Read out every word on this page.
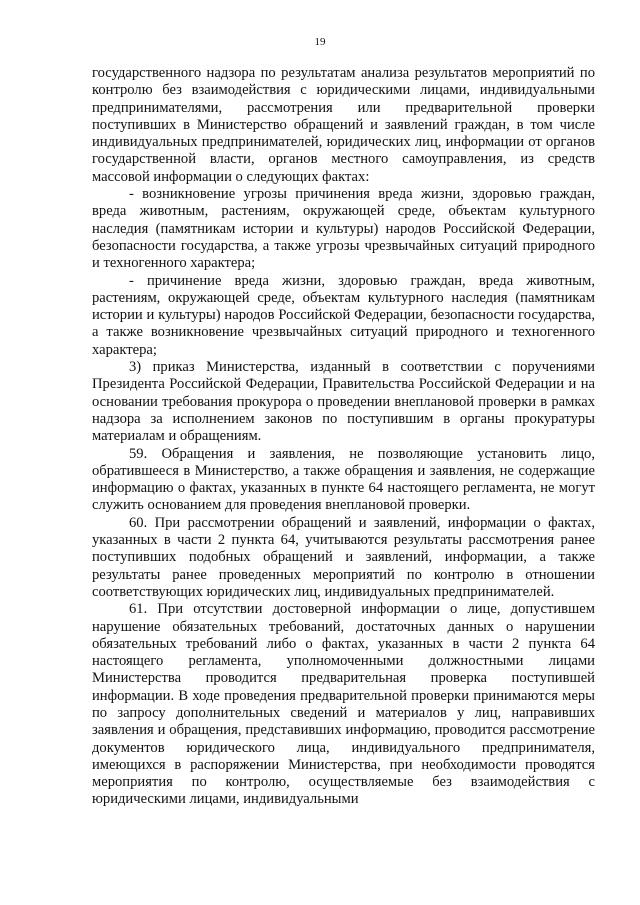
19

государственного надзора по результатам анализа результатов мероприятий по контролю без взаимодействия с юридическими лицами, индивидуальными предпринимателями, рассмотрения или предварительной проверки поступивших в Министерство обращений и заявлений граждан, в том числе индивидуальных предпринимателей, юридических лиц, информации от органов государственной власти, органов местного самоуправления, из средств массовой информации о следующих фактах:

- возникновение угрозы причинения вреда жизни, здоровью граждан, вреда животным, растениям, окружающей среде, объектам культурного наследия (памятникам истории и культуры) народов Российской Федерации, безопасности государства, а также угрозы чрезвычайных ситуаций природного и техногенного характера;

- причинение вреда жизни, здоровью граждан, вреда животным, растениям, окружающей среде, объектам культурного наследия (памятникам истории и культуры) народов Российской Федерации, безопасности государства, а также возникновение чрезвычайных ситуаций природного и техногенного характера;

3) приказ Министерства, изданный в соответствии с поручениями Президента Российской Федерации, Правительства Российской Федерации и на основании требования прокурора о проведении внеплановой проверки в рамках надзора за исполнением законов по поступившим в органы прокуратуры материалам и обращениям.

59. Обращения и заявления, не позволяющие установить лицо, обратившееся в Министерство, а также обращения и заявления, не содержащие информацию о фактах, указанных в пункте 64 настоящего регламента, не могут служить основанием для проведения внеплановой проверки.

60. При рассмотрении обращений и заявлений, информации о фактах, указанных в части 2 пункта 64, учитываются результаты рассмотрения ранее поступивших подобных обращений и заявлений, информации, а также результаты ранее проведенных мероприятий по контролю в отношении соответствующих юридических лиц, индивидуальных предпринимателей.

61. При отсутствии достоверной информации о лице, допустившем нарушение обязательных требований, достаточных данных о нарушении обязательных требований либо о фактах, указанных в части 2 пункта 64 настоящего регламента, уполномоченными должностными лицами Министерства проводится предварительная проверка поступившей информации. В ходе проведения предварительной проверки принимаются меры по запросу дополнительных сведений и материалов у лиц, направивших заявления и обращения, представивших информацию, проводится рассмотрение документов юридического лица, индивидуального предпринимателя, имеющихся в распоряжении Министерства, при необходимости проводятся мероприятия по контролю, осуществляемые без взаимодействия с юридическими лицами, индивидуальными
